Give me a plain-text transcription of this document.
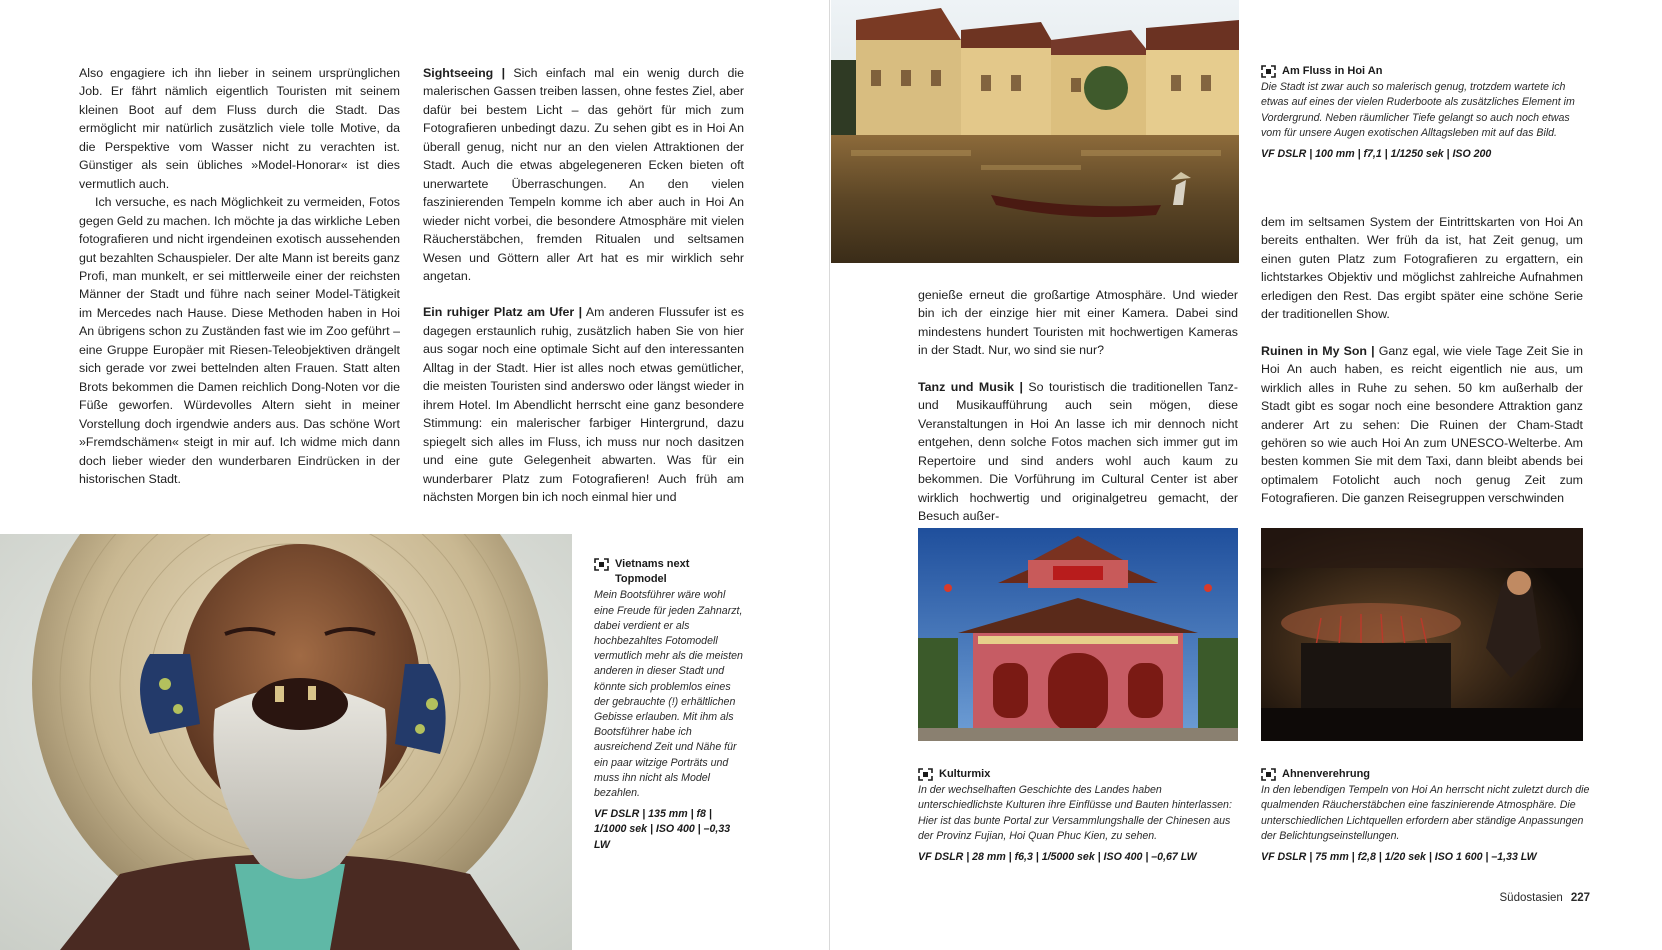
Also engagiere ich ihn lieber in seinem ursprünglichen Job. Er fährt nämlich eigentlich Touristen mit seinem kleinen Boot auf dem Fluss durch die Stadt. Das ermöglicht mir natürlich zusätzlich viele tolle Motive, da die Perspektive vom Wasser nicht zu verachten ist. Günstiger als sein übliches »Model-Honorar« ist dies vermutlich auch.

Ich versuche, es nach Möglichkeit zu vermeiden, Fotos gegen Geld zu machen. Ich möchte ja das wirkliche Leben fotografieren und nicht irgendeinen exotisch aussehenden gut bezahlten Schauspieler. Der alte Mann ist bereits ganz Profi, man munkelt, er sei mittlerweile einer der reichsten Männer der Stadt und führe nach seiner Model-Tätigkeit im Mercedes nach Hause. Diese Methoden haben in Hoi An übrigens schon zu Zuständen fast wie im Zoo geführt – eine Gruppe Europäer mit Riesen-Teleobjektiven drängelt sich gerade vor zwei bettelnden alten Frauen. Statt alten Brots bekommen die Damen reichlich Dong-Noten vor die Füße geworfen. Würdevolles Altern sieht in meiner Vorstellung doch irgendwie anders aus. Das schöne Wort »Fremdschämen« steigt in mir auf. Ich widme mich dann doch lieber wieder den wunderbaren Eindrücken in der historischen Stadt.

Sightseeing | Sich einfach mal ein wenig durch die malerischen Gassen treiben lassen, ohne festes Ziel, aber dafür bei bestem Licht – das gehört für mich zum Fotografieren unbedingt dazu. Zu sehen gibt es in Hoi An überall genug, nicht nur an den vielen Attraktionen der Stadt. Auch die etwas abgelegeneren Ecken bieten oft unerwartete Überraschungen. An den vielen faszinierenden Tempeln komme ich aber auch in Hoi An wieder nicht vorbei, die besondere Atmosphäre mit vielen Räucherstäbchen, fremden Ritualen und seltsamen Wesen und Göttern aller Art hat es mir wirklich sehr angetan.

Ein ruhiger Platz am Ufer | Am anderen Flussufer ist es dagegen erstaunlich ruhig, zusätzlich haben Sie von hier aus sogar noch eine optimale Sicht auf den interessanten Alltag in der Stadt. Hier ist alles noch etwas gemütlicher, die meisten Touristen sind anderswo oder längst wieder in ihrem Hotel. Im Abendlicht herrscht eine ganz besondere Stimmung: ein malerischer farbiger Hintergrund, dazu spiegelt sich alles im Fluss, ich muss nur noch dasitzen und eine gute Gelegenheit abwarten. Was für ein wunderbarer Platz zum Fotografieren! Auch früh am nächsten Morgen bin ich noch einmal hier und

Vietnams next Topmodel

Mein Bootsführer wäre wohl eine Freude für jeden Zahnarzt, dabei verdient er als hochbezahltes Fotomodell vermutlich mehr als die meisten anderen in dieser Stadt und könnte sich problemlos eines der gebrauchte (!) erhältlichen Gebisse erlauben. Mit ihm als Bootsführer habe ich ausreichend Zeit und Nähe für ein paar witzige Porträts und muss ihn nicht als Model bezahlen.

VF DSLR | 135 mm | f8 | 1/1000 sek | ISO 400 | –0,33 LW
Am Fluss in Hoi An

Die Stadt ist zwar auch so malerisch genug, trotzdem wartete ich etwas auf eines der vielen Ruderboote als zusätzliches Element im Vordergrund. Neben räumlicher Tiefe gelangt so auch noch etwas vom für unsere Augen exotischen Alltagsleben mit auf das Bild.

VF DSLR | 100 mm | f7,1 | 1/1250 sek | ISO 200

genieße erneut die großartige Atmosphäre. Und wieder bin ich der einzige hier mit einer Kamera. Dabei sind mindestens hundert Touristen mit hochwertigen Kameras in der Stadt. Nur, wo sind sie nur?

Tanz und Musik | So touristisch die traditionellen Tanz- und Musikaufführung auch sein mögen, diese Veranstaltungen in Hoi An lasse ich mir dennoch nicht entgehen, denn solche Fotos machen sich immer gut im Repertoire und sind anders wohl auch kaum zu bekommen. Die Vorführung im Cultural Center ist aber wirklich hochwertig und originalgetreu gemacht, der Besuch außer-

dem im seltsamen System der Eintrittskarten von Hoi An bereits enthalten. Wer früh da ist, hat Zeit genug, um einen guten Platz zum Fotografieren zu ergattern, ein lichtstarkes Objektiv und möglichst zahlreiche Aufnahmen erledigen den Rest. Das ergibt später eine schöne Serie der traditionellen Show.

Ruinen in My Son | Ganz egal, wie viele Tage Zeit Sie in Hoi An auch haben, es reicht eigentlich nie aus, um wirklich alles in Ruhe zu sehen. 50 km außerhalb der Stadt gibt es sogar noch eine besondere Attraktion ganz anderer Art zu sehen: Die Ruinen der Cham-Stadt gehören so wie auch Hoi An zum UNESCO-Welterbe. Am besten kommen Sie mit dem Taxi, dann bleibt abends bei optimalem Fotolicht auch noch genug Zeit zum Fotografieren. Die ganzen Reisegruppen verschwinden

Kulturmix

In der wechselhaften Geschichte des Landes haben unterschiedlichste Kulturen ihre Einflüsse und Bauten hinterlassen: Hier ist das bunte Portal zur Versammlungshalle der Chinesen aus der Provinz Fujian, Hoi Quan Phuc Kien, zu sehen.

VF DSLR | 28 mm | f6,3 | 1/5000 sek | ISO 400 | –0,67 LW
Ahnenverehrung

In den lebendigen Tempeln von Hoi An herrscht nicht zuletzt durch die qualmenden Räucherstäbchen eine faszinierende Atmosphäre. Die unterschiedlichen Lichtquellen erfordern aber ständige Anpassungen der Belichtungseinstellungen.

VF DSLR | 75 mm | f2,8 | 1/20 sek | ISO 1 600 | –1,33 LW
Südostasien 227
